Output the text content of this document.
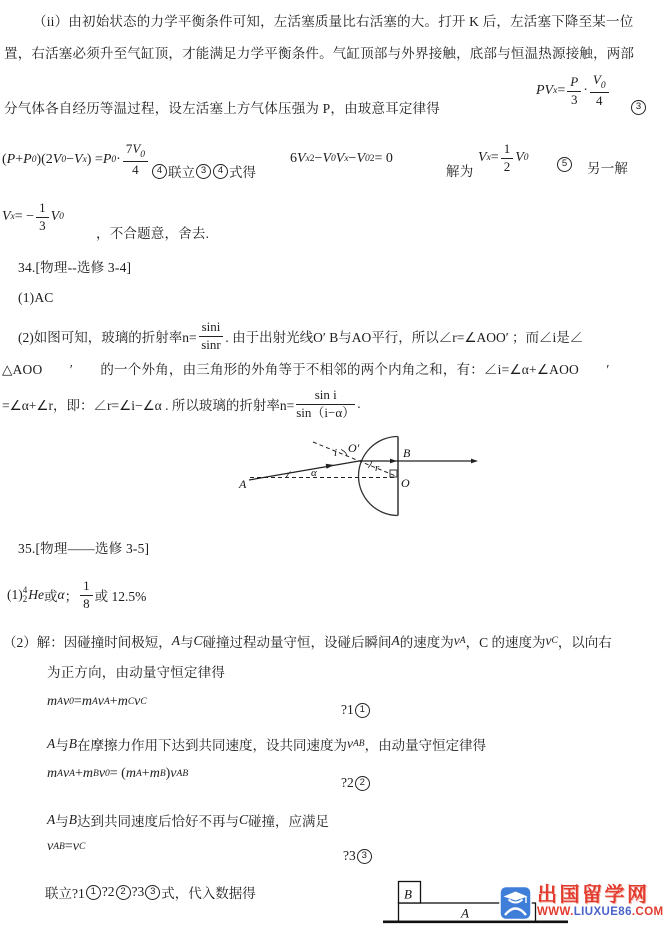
（ii）由初始状态的力学平衡条件可知，左活塞质量比右活塞的大。打开 K 后，左活塞下降至某一位
置，右活塞必须升至气缸顶，才能满足力学平衡条件。气缸顶部与外界接触，底部与恒温热源接触，两部
分气体各自经历等温过程，设左活塞上方气体压强为 P，由玻意耳定律得
PV $x = \frac{P}{3} \cdot \frac{V_0}{4}$	3
( P + P 0 )(2 V 0 − V x ) = P $0 \cdot \frac{7V_0}{4} 4$ 联立 3	4 式得
6 V x 2 − V 0 V x − V 0 2 = 0
解为
V $x = \frac{1}{2}$ V 0	5	另一解
V x = − $\frac{1}{3}$ V 0
，不合题意，舍去.
34.[物理--选修 3-4]
(1)AC
(2)如图可知，玻璃的折射率$n= \frac{\sin i}{\sin r}$ . 由于出射光线O′ B与AO平行，所以∠r=∠AOO′ ；而∠i是∠
△AOO　　′　　的一个外角，由三角形的外角等于不相邻的两个内角之和，有：∠i=∠α+∠AOO　　′
=∠α+∠r，即：∠r=∠i−∠α . 所以玻璃的折射率$n= \frac{\text{sin i}}{\sin(i-\alpha)}$ .
A
α
i O′	B
O
r
35.[物理——选修 3-5]
(1) 4
2 He 或 α ； $\frac{1}{8}$ 或 12.5%
（2）解：因碰撞时间极短， A 与 C 碰撞过程动量守恒，设碰后瞬间 A 的速度为 v A ，C 的速度为 v C ，以向右
为正方向，由动量守恒定律得
m A v 0 = m A v A + m C v C	?1 1
A 与 B 在摩擦力作用下达到共同速度，设共同速度为 v AB ，由动量守恒定律得
m A v A + m B v 0 = ( m A + m B ) v AB
?2 2
A 与 B 达到共同速度后恰好不再与 C 碰撞，应满足
v AB = v C
?3 3
联立?1 1 ?2 2 ?3 3 式，代入数据得
A
B	出国留学网
WWW.LIUXUE86.COM
